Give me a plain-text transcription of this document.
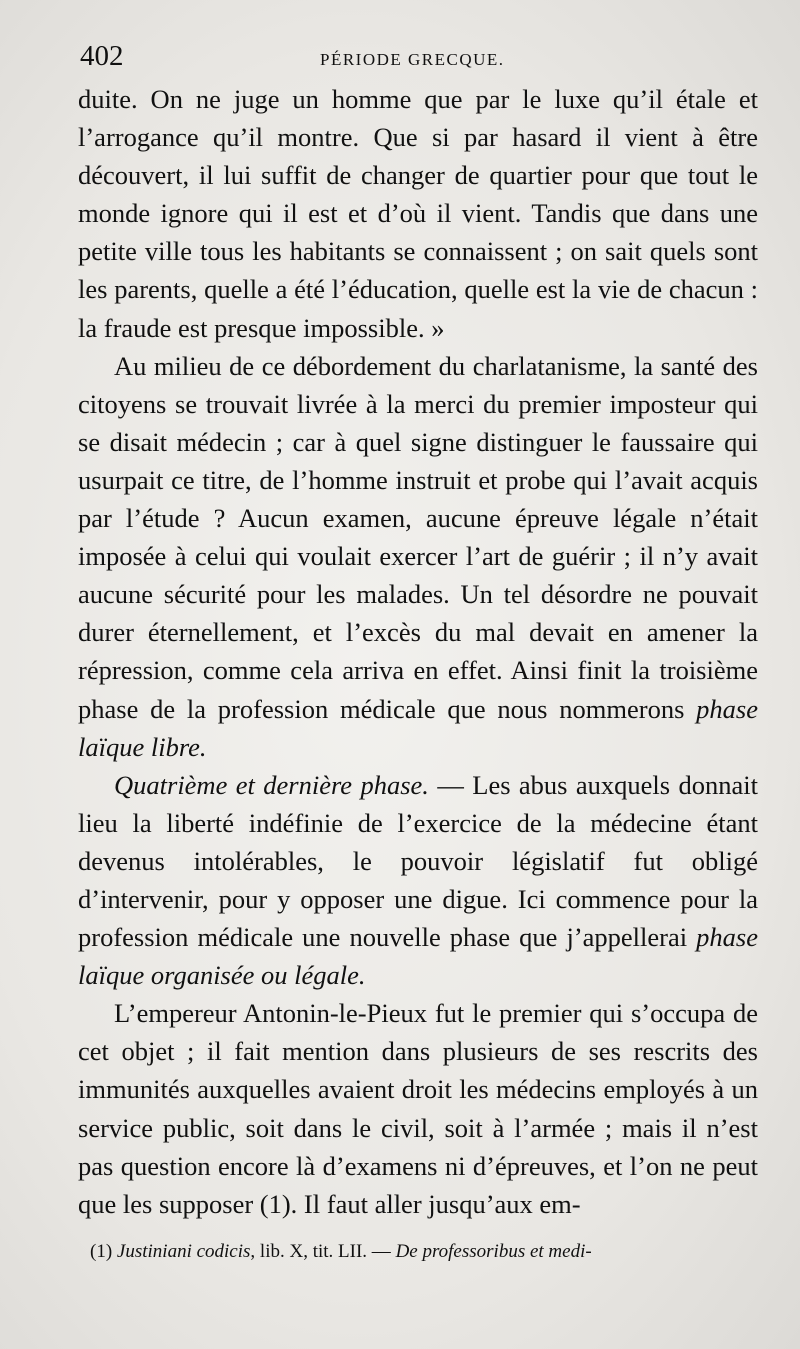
402	PÉRIODE GRECQUE.

duite. On ne juge un homme que par le luxe qu’il étale et l’arrogance qu’il montre. Que si par hasard il vient à être découvert, il lui suffit de changer de quartier pour que tout le monde ignore qui il est et d’où il vient. Tandis que dans une petite ville tous les habitants se connaissent ; on sait quels sont les parents, quelle a été l’éducation, quelle est la vie de chacun : la fraude est presque impossible. »

Au milieu de ce débordement du charlatanisme, la santé des citoyens se trouvait livrée à la merci du premier imposteur qui se disait médecin ; car à quel signe distinguer le faussaire qui usurpait ce titre, de l’homme instruit et probe qui l’avait acquis par l’étude ? Aucun examen, aucune épreuve légale n’était imposée à celui qui voulait exercer l’art de guérir ; il n’y avait aucune sécurité pour les malades. Un tel désordre ne pouvait durer éternellement, et l’excès du mal devait en amener la répression, comme cela arriva en effet. Ainsi finit la troisième phase de la profession médicale que nous nommerons phase laïque libre.

Quatrième et dernière phase. — Les abus auxquels donnait lieu la liberté indéfinie de l’exercice de la médecine étant devenus intolérables, le pouvoir législatif fut obligé d’intervenir, pour y opposer une digue. Ici commence pour la profession médicale une nouvelle phase que j’appellerai phase laïque organisée ou légale.

L’empereur Antonin-le-Pieux fut le premier qui s’occupa de cet objet ; il fait mention dans plusieurs de ses rescrits des immunités auxquelles avaient droit les médecins employés à un service public, soit dans le civil, soit à l’armée ; mais il n’est pas question encore là d’examens ni d’épreuves, et l’on ne peut que les supposer (1). Il faut aller jusqu’aux em-

(1) Justiniani codicis, lib. X, tit. LII. — De professoribus et medi-
